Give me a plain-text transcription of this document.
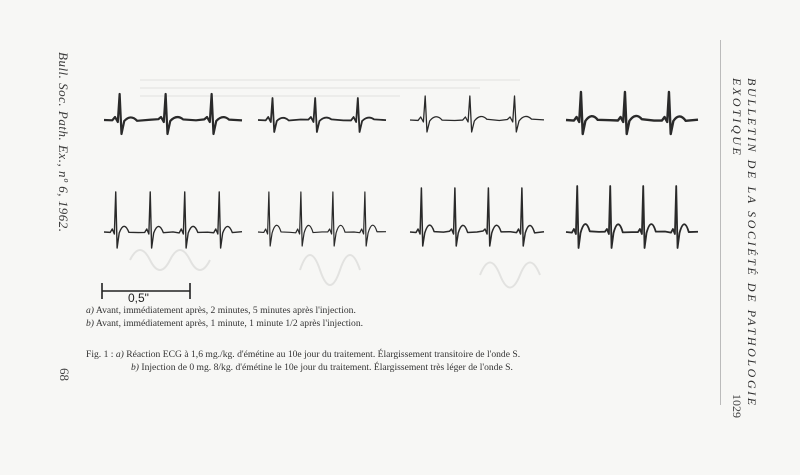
Bull. Soc. Path. Ex., nº 6, 1962.
68	BULLETIN DE LA SOCIÉTÉ DE PATHOLOGIE EXOTIQUE
1029
0,5"
a) Avant, immédiatement après, 2 minutes, 5 minutes après l'injection.
b) Avant, immédiatement après, 1 minute, 1 minute 1/2 après l'injection.
Fig. 1 : a) Réaction ECG à 1,6 mg./kg. d'émétine au 10e jour du traitement. Élargissement transitoire de l'onde S.
b) Injection de 0 mg. 8/kg. d'émétine le 10e jour du traitement. Élargissement très léger de l'onde S.
